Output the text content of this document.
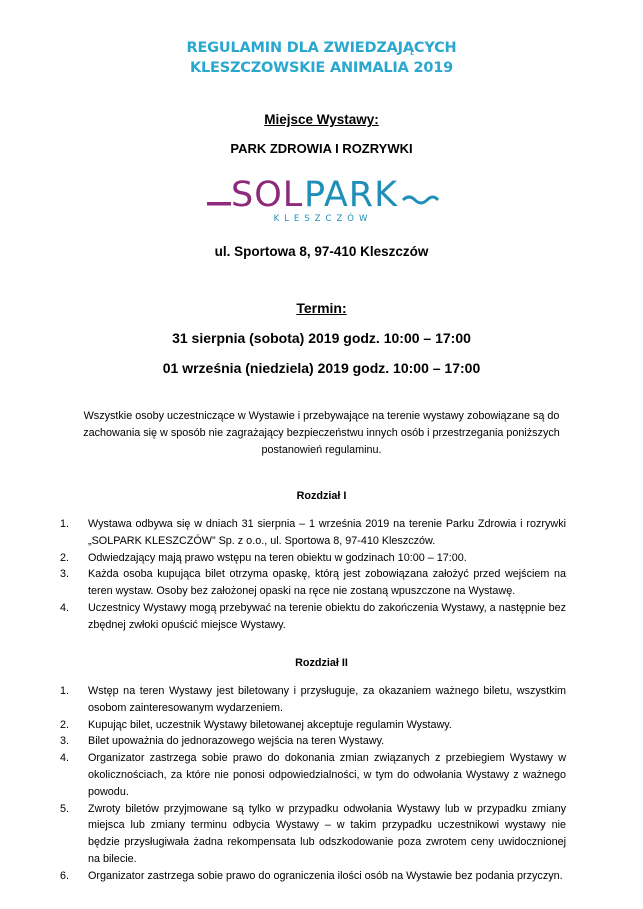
REGULAMIN DLA ZWIEDZAJĄCYCH
KLESZCZOWSKIE ANIMALIA 2019
Miejsce Wystawy:
PARK ZDROWIA I ROZRYWKI
SOL PARK
KLESZCZÓW
ul. Sportowa 8, 97-410 Kleszczów
Termin:
31 sierpnia (sobota) 2019 godz. 10:00 – 17:00
01 września (niedziela) 2019 godz. 10:00 – 17:00
Wszystkie osoby uczestniczące w Wystawie i przebywające na terenie wystawy zobowiązane są do zachowania się w sposób nie zagrażający bezpieczeństwu innych osób i przestrzegania poniższych postanowień regulaminu.
Rozdział I
1.	Wystawa odbywa się w dniach 31 sierpnia – 1 września 2019 na terenie Parku Zdrowia i rozrywki „SOLPARK KLESZCZÓW” Sp. z o.o., ul. Sportowa 8, 97-410 Kleszczów.
2.	Odwiedzający mają prawo wstępu na teren obiektu w godzinach 10:00 – 17:00.
3.	Każda osoba kupująca bilet otrzyma opaskę, którą jest zobowiązana założyć przed wejściem na teren wystaw. Osoby bez założonej opaski na ręce nie zostaną wpuszczone na Wystawę.
4.	Uczestnicy Wystawy mogą przebywać na terenie obiektu do zakończenia Wystawy, a następnie bez zbędnej zwłoki opuścić miejsce Wystawy.
Rozdział II
1.	Wstęp na teren Wystawy jest biletowany i przysługuje, za okazaniem ważnego biletu, wszystkim osobom zainteresowanym wydarzeniem.
2.	Kupując bilet, uczestnik Wystawy biletowanej akceptuje regulamin Wystawy.
3.	Bilet upoważnia do jednorazowego wejścia na teren Wystawy.
4.	Organizator zastrzega sobie prawo do dokonania zmian związanych z przebiegiem Wystawy w okolicznościach, za które nie ponosi odpowiedzialności, w tym do odwołania Wystawy z ważnego powodu.
5.	Zwroty biletów przyjmowane są tylko w przypadku odwołania Wystawy lub w przypadku zmiany miejsca lub zmiany terminu odbycia Wystawy – w takim przypadku uczestnikowi wystawy nie będzie przysługiwała żadna rekompensata lub odszkodowanie poza zwrotem ceny uwidocznionej na bilecie.
6.	Organizator zastrzega sobie prawo do ograniczenia ilości osób na Wystawie bez podania przyczyn.
